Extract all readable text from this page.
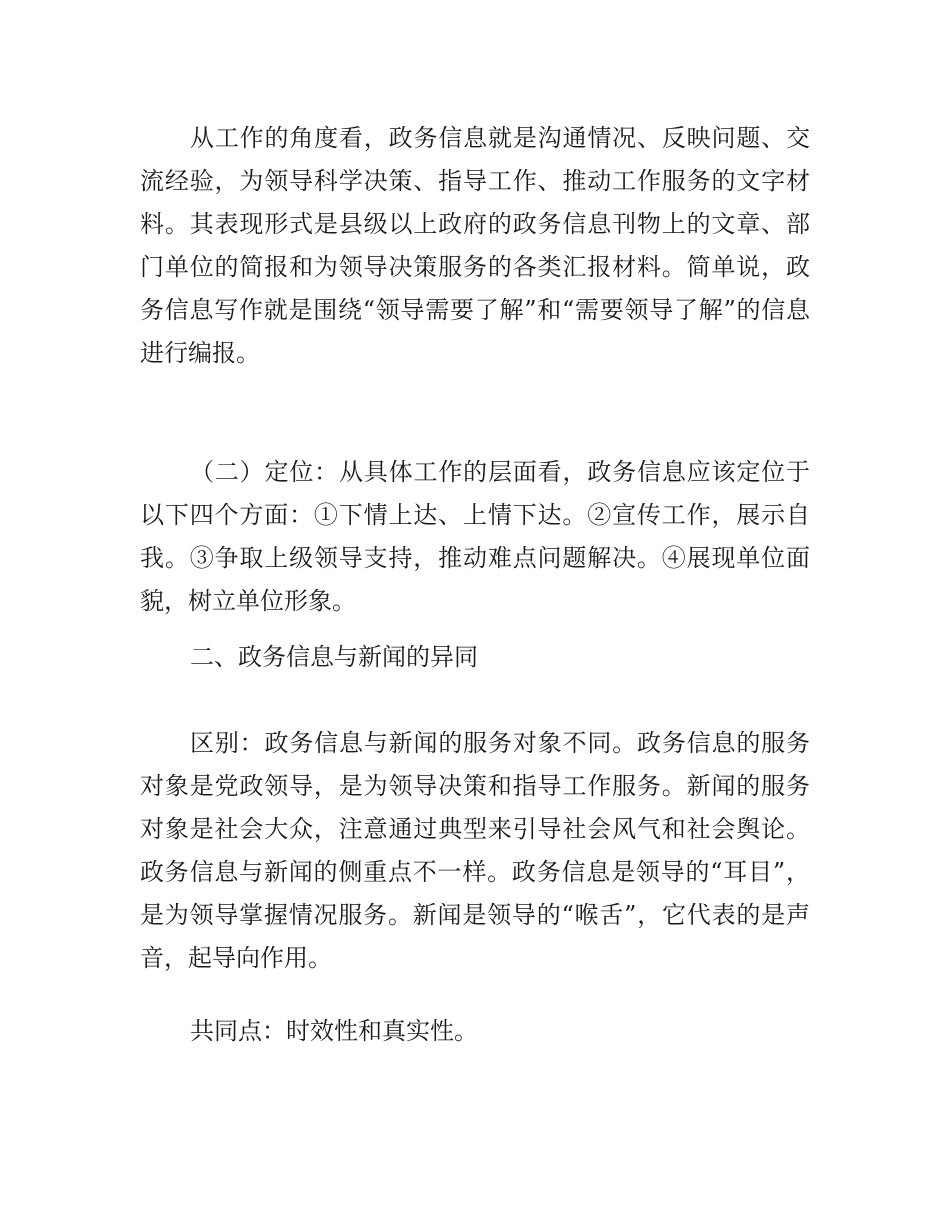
从工作的角度看，政务信息就是沟通情况、反映问题、交流经验，为领导科学决策、指导工作、推动工作服务的文字材料。其表现形式是县级以上政府的政务信息刊物上的文章、部门单位的简报和为领导决策服务的各类汇报材料。简单说，政务信息写作就是围绕“领导需要了解”和“需要领导了解”的信息进行编报。

（二）定位：从具体工作的层面看，政务信息应该定位于以下四个方面：①下情上达、上情下达。②宣传工作，展示自我。③争取上级领导支持，推动难点问题解决。④展现单位面貌，树立单位形象。

二、政务信息与新闻的异同

区别：政务信息与新闻的服务对象不同。政务信息的服务对象是党政领导，是为领导决策和指导工作服务。新闻的服务对象是社会大众，注意通过典型来引导社会风气和社会舆论。政务信息与新闻的侧重点不一样。政务信息是领导的“耳目”，是为领导掌握情况服务。新闻是领导的“喉舌”，它代表的是声音，起导向作用。

共同点：时效性和真实性。
